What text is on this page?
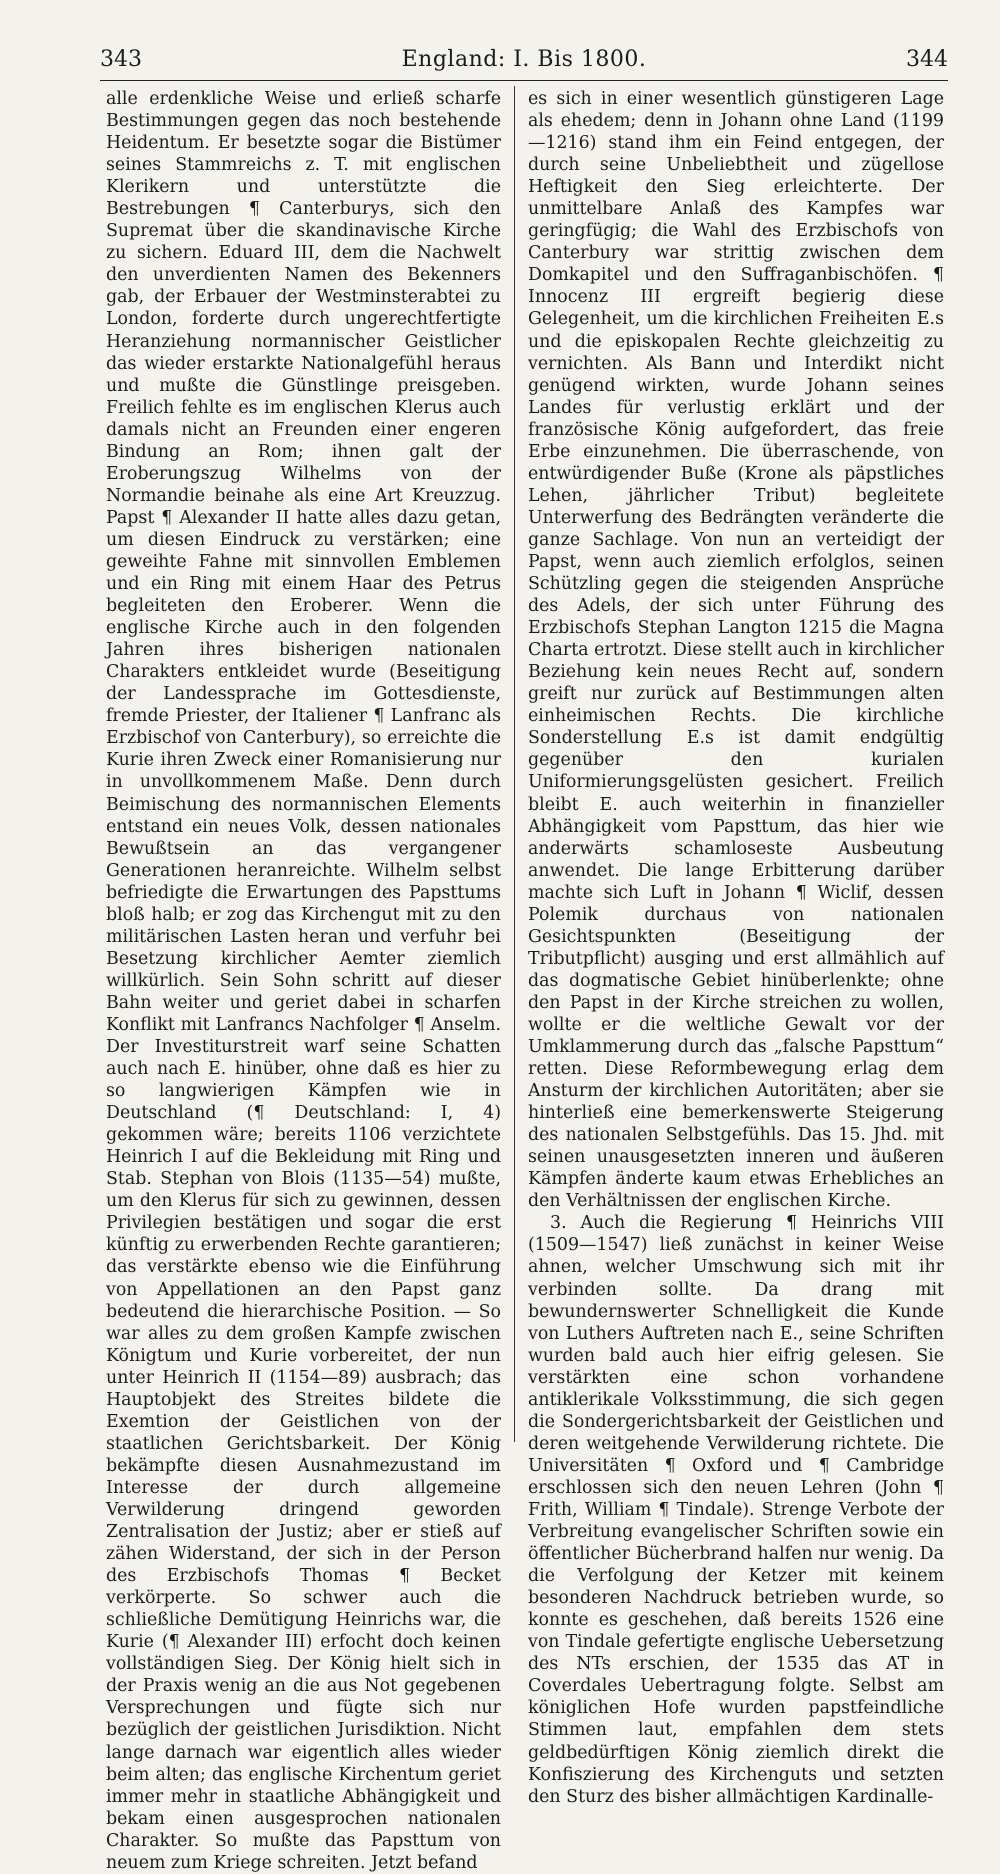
343	England: I. Bis 1800.	344

alle erdenkliche Weise und erließ scharfe Bestimmungen gegen das noch bestehende Heidentum. Er besetzte sogar die Bistümer seines Stammreichs z. T. mit englischen Klerikern und unterstützte die Bestrebungen ¶ Canterburys, sich den Supremat über die skandinavische Kirche zu sichern. Eduard III, dem die Nachwelt den unverdienten Namen des Bekenners gab, der Erbauer der Westminsterabtei zu London, forderte durch ungerechtfertigte Heranziehung normannischer Geistlicher das wieder erstarkte Nationalgefühl heraus und mußte die Günstlinge preisgeben. Freilich fehlte es im englischen Klerus auch damals nicht an Freunden einer engeren Bindung an Rom; ihnen galt der Eroberungszug Wilhelms von der Normandie beinahe als eine Art Kreuzzug. Papst ¶ Alexander II hatte alles dazu getan, um diesen Eindruck zu verstärken; eine geweihte Fahne mit sinnvollen Emblemen und ein Ring mit einem Haar des Petrus begleiteten den Eroberer. Wenn die englische Kirche auch in den folgenden Jahren ihres bisherigen nationalen Charakters entkleidet wurde (Beseitigung der Landessprache im Gottesdienste, fremde Priester, der Italiener ¶ Lanfranc als Erzbischof von Canterbury), so erreichte die Kurie ihren Zweck einer Romanisierung nur in unvollkommenem Maße. Denn durch Beimischung des normannischen Elements entstand ein neues Volk, dessen nationales Bewußtsein an das vergangener Generationen heranreichte. Wilhelm selbst befriedigte die Erwartungen des Papsttums bloß halb; er zog das Kirchengut mit zu den militärischen Lasten heran und verfuhr bei Besetzung kirchlicher Aemter ziemlich willkürlich. Sein Sohn schritt auf dieser Bahn weiter und geriet dabei in scharfen Konflikt mit Lanfrancs Nachfolger ¶ Anselm. Der Investiturstreit warf seine Schatten auch nach E. hinüber, ohne daß es hier zu so langwierigen Kämpfen wie in Deutschland (¶ Deutschland: I, 4) gekommen wäre; bereits 1106 verzichtete Heinrich I auf die Bekleidung mit Ring und Stab. Stephan von Blois (1135—54) mußte, um den Klerus für sich zu gewinnen, dessen Privilegien bestätigen und sogar die erst künftig zu erwerbenden Rechte garantieren; das verstärkte ebenso wie die Einführung von Appellationen an den Papst ganz bedeutend die hierarchische Position. — So war alles zu dem großen Kampfe zwischen Königtum und Kurie vorbereitet, der nun unter Heinrich II (1154—89) ausbrach; das Hauptobjekt des Streites bildete die Exemtion der Geistlichen von der staatlichen Gerichtsbarkeit. Der König bekämpfte diesen Ausnahmezustand im Interesse der durch allgemeine Verwilderung dringend geworden Zentralisation der Justiz; aber er stieß auf zähen Widerstand, der sich in der Person des Erzbischofs Thomas ¶ Becket verkörperte. So schwer auch die schließliche Demütigung Heinrichs war, die Kurie (¶ Alexander III) erfocht doch keinen vollständigen Sieg. Der König hielt sich in der Praxis wenig an die aus Not gegebenen Versprechungen und fügte sich nur bezüglich der geistlichen Jurisdiktion. Nicht lange darnach war eigentlich alles wieder beim alten; das englische Kirchentum geriet immer mehr in staatliche Abhängigkeit und bekam einen ausgesprochen nationalen Charakter. So mußte das Papsttum von neuem zum Kriege schreiten. Jetzt befand

es sich in einer wesentlich günstigeren Lage als ehedem; denn in Johann ohne Land (1199—1216) stand ihm ein Feind entgegen, der durch seine Unbeliebtheit und zügellose Heftigkeit den Sieg erleichterte. Der unmittelbare Anlaß des Kampfes war geringfügig; die Wahl des Erzbischofs von Canterbury war strittig zwischen dem Domkapitel und den Suffraganbischöfen. ¶ Innocenz III ergreift begierig diese Gelegenheit, um die kirchlichen Freiheiten E.s und die episkopalen Rechte gleichzeitig zu vernichten. Als Bann und Interdikt nicht genügend wirkten, wurde Johann seines Landes für verlustig erklärt und der französische König aufgefordert, das freie Erbe einzunehmen. Die überraschende, von entwürdigender Buße (Krone als päpstliches Lehen, jährlicher Tribut) begleitete Unterwerfung des Bedrängten veränderte die ganze Sachlage. Von nun an verteidigt der Papst, wenn auch ziemlich erfolglos, seinen Schützling gegen die steigenden Ansprüche des Adels, der sich unter Führung des Erzbischofs Stephan Langton 1215 die Magna Charta ertrotzt. Diese stellt auch in kirchlicher Beziehung kein neues Recht auf, sondern greift nur zurück auf Bestimmungen alten einheimischen Rechts. Die kirchliche Sonderstellung E.s ist damit endgültig gegenüber den kurialen Uniformierungsgelüsten gesichert. Freilich bleibt E. auch weiterhin in finanzieller Abhängigkeit vom Papsttum, das hier wie anderwärts schamloseste Ausbeutung anwendet. Die lange Erbitterung darüber machte sich Luft in Johann ¶ Wiclif, dessen Polemik durchaus von nationalen Gesichtspunkten (Beseitigung der Tributpflicht) ausging und erst allmählich auf das dogmatische Gebiet hinüberlenkte; ohne den Papst in der Kirche streichen zu wollen, wollte er die weltliche Gewalt vor der Umklammerung durch das „falsche Papsttum“ retten. Diese Reformbewegung erlag dem Ansturm der kirchlichen Autoritäten; aber sie hinterließ eine bemerkenswerte Steigerung des nationalen Selbstgefühls. Das 15. Jhd. mit seinen unausgesetzten inneren und äußeren Kämpfen änderte kaum etwas Erhebliches an den Verhältnissen der englischen Kirche.

3. Auch die Regierung ¶ Heinrichs VIII (1509—1547) ließ zunächst in keiner Weise ahnen, welcher Umschwung sich mit ihr verbinden sollte. Da drang mit bewundernswerter Schnelligkeit die Kunde von Luthers Auftreten nach E., seine Schriften wurden bald auch hier eifrig gelesen. Sie verstärkten eine schon vorhandene antiklerikale Volksstimmung, die sich gegen die Sondergerichtsbarkeit der Geistlichen und deren weitgehende Verwilderung richtete. Die Universitäten ¶ Oxford und ¶ Cambridge erschlossen sich den neuen Lehren (John ¶ Frith, William ¶ Tindale). Strenge Verbote der Verbreitung evangelischer Schriften sowie ein öffentlicher Bücherbrand halfen nur wenig. Da die Verfolgung der Ketzer mit keinem besonderen Nachdruck betrieben wurde, so konnte es geschehen, daß bereits 1526 eine von Tindale gefertigte englische Uebersetzung des NTs erschien, der 1535 das AT in Coverdales Uebertragung folgte. Selbst am königlichen Hofe wurden papstfeindliche Stimmen laut, empfahlen dem stets geldbedürftigen König ziemlich direkt die Konfiszierung des Kirchenguts und setzten den Sturz des bisher allmächtigen Kardinalle-
